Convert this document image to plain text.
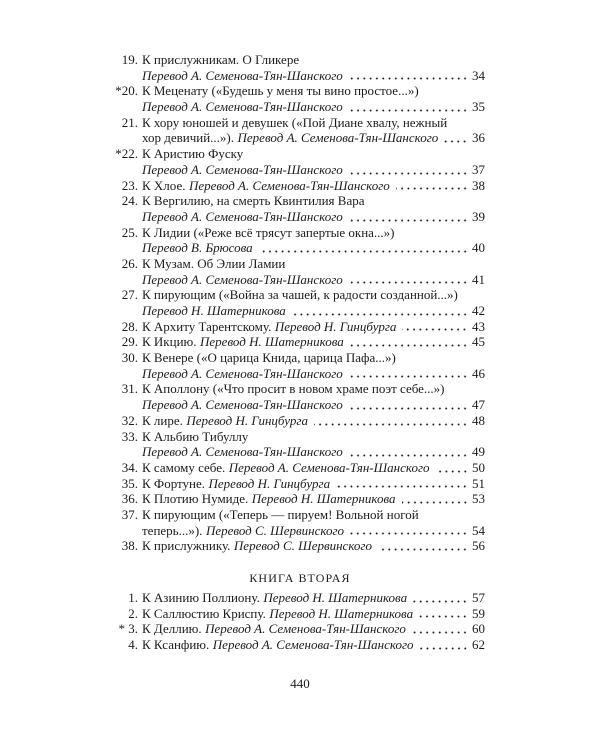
19. К прислужникам. О Гликере
Перевод А. Семенова-Тян-Шанского	34
*20. К Меценату («Будешь у меня ты вино простое...»)
Перевод А. Семенова-Тян-Шанского	35
21. К хору юношей и девушек («Пой Диане хвалу, нежный
хор девичий...»). Перевод А. Семенова-Тян-Шанского	36
*22. К Аристию Фуску
Перевод А. Семенова-Тян-Шанского	37
23. К Хлое. Перевод А. Семенова-Тян-Шанского	38
24. К Вергилию, на смерть Квинтилия Вара
Перевод А. Семенова-Тян-Шанского	39
25. К Лидии («Реже всё трясут запертые окна...»)
Перевод В. Брюсова	40
26. К Музам. Об Элии Ламии
Перевод А. Семенова-Тян-Шанского	41
27. К пирующим («Война за чашей, к радости созданной...»)
Перевод Н. Шатерникова	42
28. К Архиту Тарентскому. Перевод Н. Гинцбурга	43
29. К Икцию. Перевод Н. Шатерникова	45
30. К Венере («О царица Книда, царица Пафа...»)
Перевод А. Семенова-Тян-Шанского	46
31. К Аполлону («Что просит в новом храме поэт себе...»)
Перевод А. Семенова-Тян-Шанского	47
32. К лире. Перевод Н. Гинцбурга	48
33. К Альбию Тибуллу
Перевод А. Семенова-Тян-Шанского	49
34. К самому себе. Перевод А. Семенова-Тян-Шанского	50
35. К Фортуне. Перевод Н. Гинцбурга	51
36. К Плотию Нумиде. Перевод Н. Шатерникова	53
37. К пирующим («Теперь — пируем! Вольной ногой
теперь...»). Перевод С. Шервинского	54
38. К прислужнику. Перевод С. Шервинского	56
КНИГА ВТОРАЯ
1. К Азинию Поллиону. Перевод Н. Шатерникова	57
2. К Саллюстию Криспу. Перевод Н. Шатерникова	59
* 3. К Деллию. Перевод А. Семенова-Тян-Шанского	60
4. К Ксанфию. Перевод А. Семенова-Тян-Шанского	62
440
